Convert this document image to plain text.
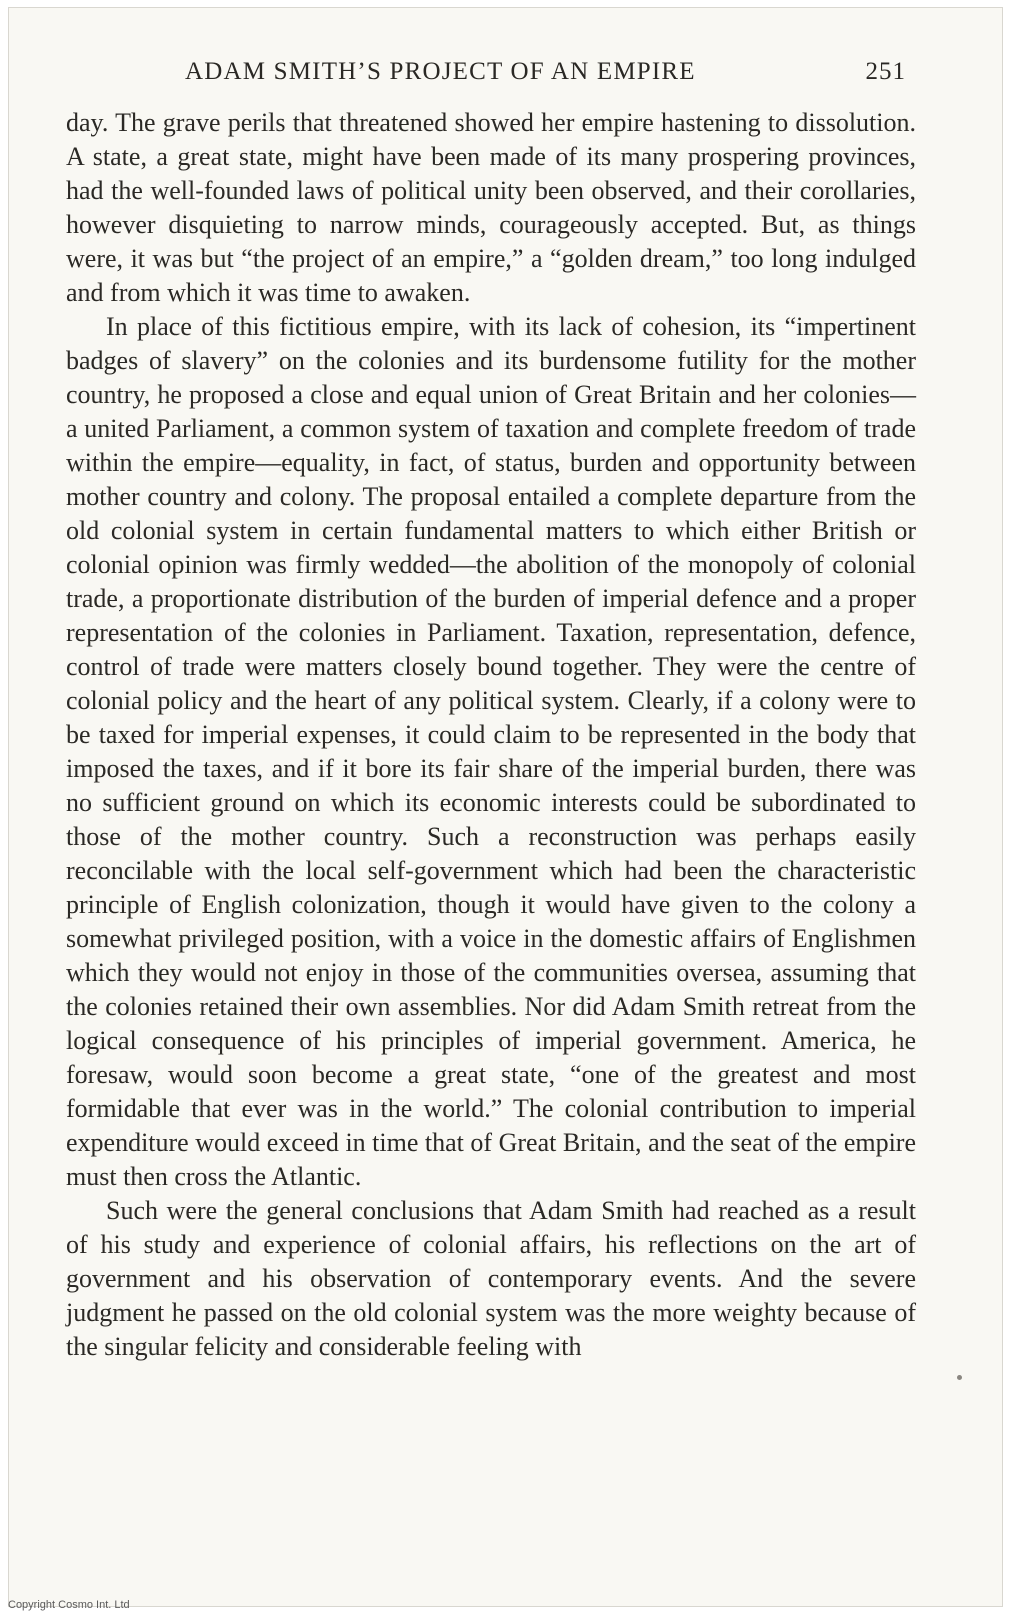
ADAM SMITH’S PROJECT OF AN EMPIRE	251

day. The grave perils that threatened showed her empire hastening to dissolution. A state, a great state, might have been made of its many prospering provinces, had the well-founded laws of political unity been observed, and their corollaries, however disquieting to narrow minds, courageously accepted. But, as things were, it was but “the project of an empire,” a “golden dream,” too long indulged and from which it was time to awaken.

In place of this fictitious empire, with its lack of cohesion, its “impertinent badges of slavery” on the colonies and its burdensome futility for the mother country, he proposed a close and equal union of Great Britain and her colonies—a united Parliament, a common system of taxation and complete freedom of trade within the empire—equality, in fact, of status, burden and opportunity between mother country and colony. The proposal entailed a complete departure from the old colonial system in certain fundamental matters to which either British or colonial opinion was firmly wedded—the abolition of the monopoly of colonial trade, a proportionate distribution of the burden of imperial defence and a proper representation of the colonies in Parliament. Taxation, representation, defence, control of trade were matters closely bound together. They were the centre of colonial policy and the heart of any political system. Clearly, if a colony were to be taxed for imperial expenses, it could claim to be represented in the body that imposed the taxes, and if it bore its fair share of the imperial burden, there was no sufficient ground on which its economic interests could be subordinated to those of the mother country. Such a reconstruction was perhaps easily reconcilable with the local self-government which had been the characteristic principle of English colonization, though it would have given to the colony a somewhat privileged position, with a voice in the domestic affairs of Englishmen which they would not enjoy in those of the communities oversea, assuming that the colonies retained their own assemblies. Nor did Adam Smith retreat from the logical consequence of his principles of imperial government. America, he foresaw, would soon become a great state, “one of the greatest and most formidable that ever was in the world.” The colonial contribution to imperial expenditure would exceed in time that of Great Britain, and the seat of the empire must then cross the Atlantic.

Such were the general conclusions that Adam Smith had reached as a result of his study and experience of colonial affairs, his reflections on the art of government and his observation of contemporary events. And the severe judgment he passed on the old colonial system was the more weighty because of the singular felicity and considerable feeling with

Copyright Cosmo Int. Ltd
